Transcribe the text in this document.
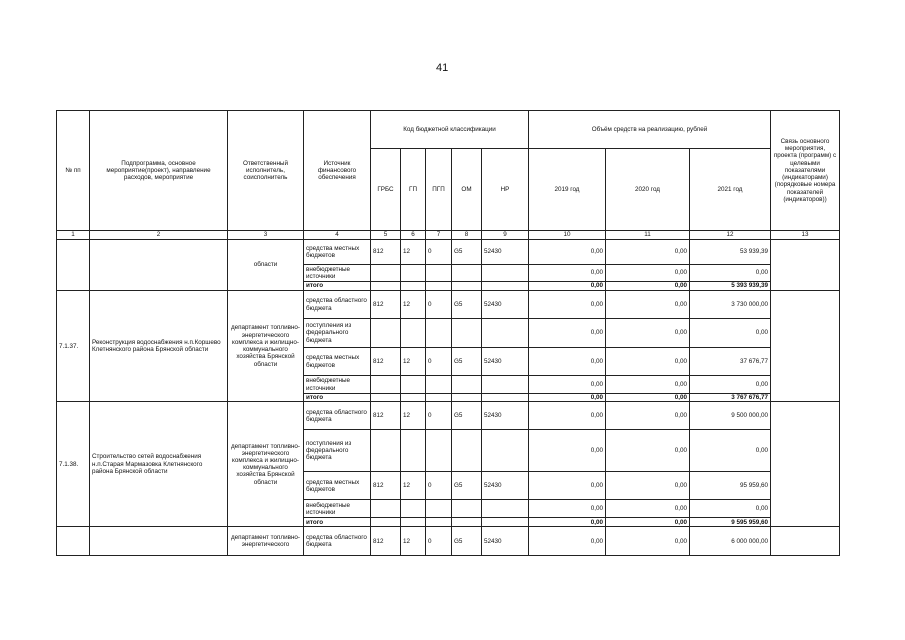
41
№ пп	Подпрограмма, основное мероприятие(проект), направление расходов, мероприятие	Ответственный исполнитель, соисполнитель	Источник финансового обеспечения	Код бюджетной классификации					Объём средств на реализацию, рублей			Связь основного мероприятия, проекта (программ) с целевыми показателями (индикаторами) (порядковые номера показателей (индикаторов))
				ГРБС	ГП	ПГП	ОМ	НР	2019 год	2020 год	2021 год	
1	2	3	4	5	6	7	8	9	10	11	12	13
		области	средства местных бюджетов	812	12	0	G5	52430	0,00	0,00	53 939,39	
			внебюджетные источники						0,00	0,00	0,00	
			итого						0,00	0,00	5 393 939,39	
7.1.37.	Реконструкция водоснабжения н.п.Коршево Клетнянского района Брянской области	департамент топливно-энергетического комплекса и жилищно-коммунального хозяйства Брянской области	средства областного бюджета	812	12	0	G5	52430	0,00	0,00	3 730 000,00	
			поступления из федерального бюджета						0,00	0,00	0,00	
			средства местных бюджетов	812	12	0	G5	52430	0,00	0,00	37 676,77	
			внебюджетные источники						0,00	0,00	0,00	
			итого						0,00	0,00	3 767 676,77	
7.1.38.	Строительство сетей водоснабжения н.п.Старая Мармазовка Клетнянского района Брянской области	департамент топливно-энергетического комплекса и жилищно-коммунального хозяйства Брянской области	средства областного бюджета	812	12	0	G5	52430	0,00	0,00	9 500 000,00	
			поступления из федерального бюджета						0,00	0,00	0,00	
			средства местных бюджетов	812	12	0	G5	52430	0,00	0,00	95 959,60	
			внебюджетные источники						0,00	0,00	0,00	
			итого						0,00	0,00	9 595 959,60	
		департамент топливно-энергетического	средства областного бюджета	812	12	0	G5	52430	0,00	0,00	6 000 000,00	
